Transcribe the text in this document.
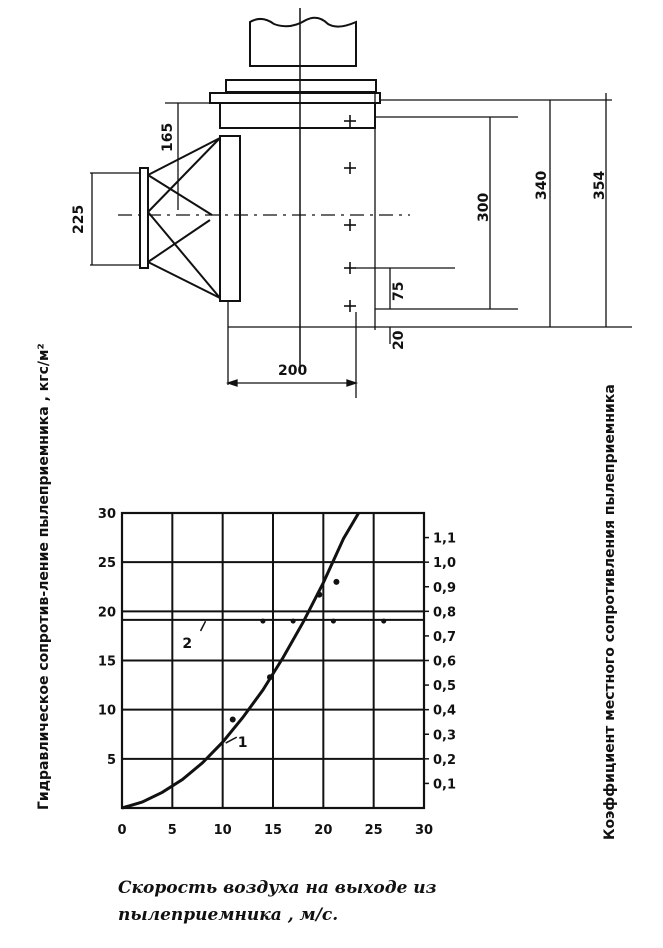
165
225	300
340	354
75
20
200
1
2
0	5	10 15 20 25 30
5
10
15
20
25
30
0,1
0,2
0,3
0,4
0,5
0,6
0,7
0,8
0,9
1,0
1,1
Гидравлическое сопротив-ление пылеприемника , кгс/м²	Коэффициент местного сопротивления пылеприемника
Скорость воздуха на выходе из
пылеприемника , м/с.
